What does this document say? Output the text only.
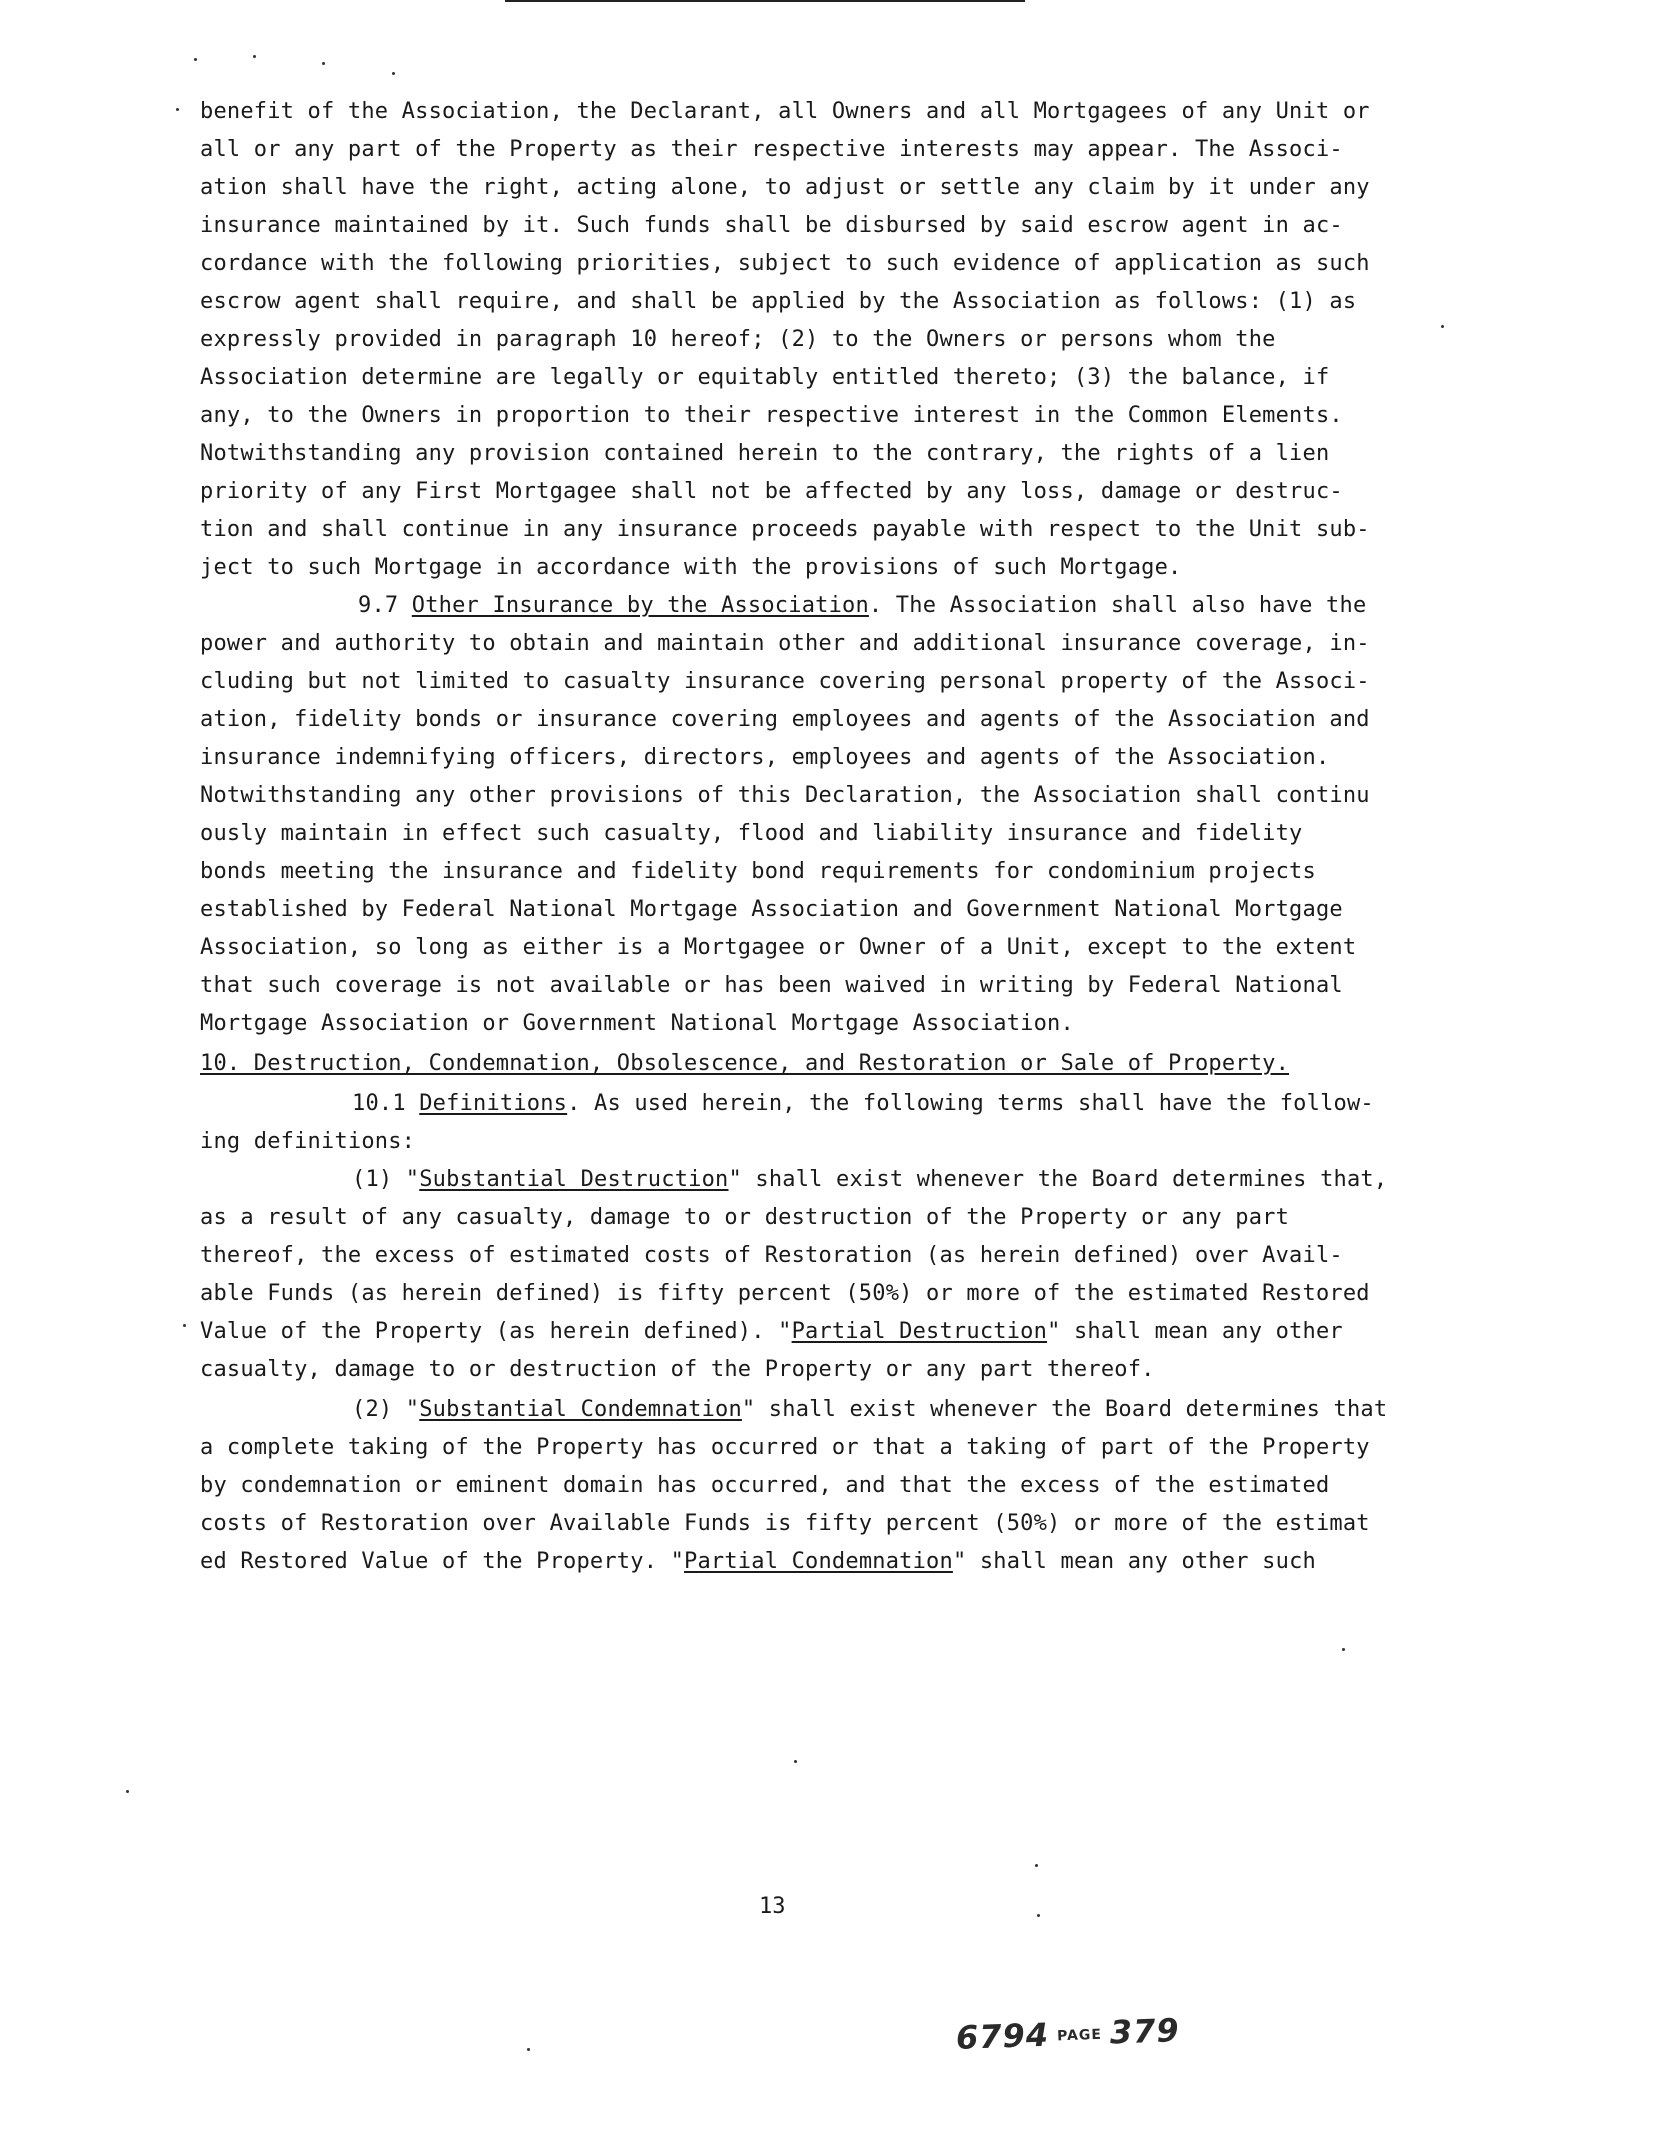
benefit of the Association, the Declarant, all Owners and all Mortgagees of any Unit or
all or any part of the Property as their respective interests may appear. The Associ-
ation shall have the right, acting alone, to adjust or settle any claim by it under any
insurance maintained by it. Such funds shall be disbursed by said escrow agent in ac-
cordance with the following priorities, subject to such evidence of application as such
escrow agent shall require, and shall be applied by the Association as follows: (1) as
expressly provided in paragraph 10 hereof; (2) to the Owners or persons whom the
Association determine are legally or equitably entitled thereto; (3) the balance, if
any, to the Owners in proportion to their respective interest in the Common Elements.
Notwithstanding any provision contained herein to the contrary, the rights of a lien
priority of any First Mortgagee shall not be affected by any loss, damage or destruc-
tion and shall continue in any insurance proceeds payable with respect to the Unit sub-
ject to such Mortgage in accordance with the provisions of such Mortgage.
9.7 Other Insurance by the Association. The Association shall also have the
power and authority to obtain and maintain other and additional insurance coverage, in-
cluding but not limited to casualty insurance covering personal property of the Associ-
ation, fidelity bonds or insurance covering employees and agents of the Association and
insurance indemnifying officers, directors, employees and agents of the Association.
Notwithstanding any other provisions of this Declaration, the Association shall continu
ously maintain in effect such casualty, flood and liability insurance and fidelity
bonds meeting the insurance and fidelity bond requirements for condominium projects
established by Federal National Mortgage Association and Government National Mortgage
Association, so long as either is a Mortgagee or Owner of a Unit, except to the extent
that such coverage is not available or has been waived in writing by Federal National
Mortgage Association or Government National Mortgage Association.
10. Destruction, Condemnation, Obsolescence, and Restoration or Sale of Property.
10.1 Definitions. As used herein, the following terms shall have the follow-
ing definitions:
(1) "Substantial Destruction" shall exist whenever the Board determines that,
as a result of any casualty, damage to or destruction of the Property or any part
thereof, the excess of estimated costs of Restoration (as herein defined) over Avail-
able Funds (as herein defined) is fifty percent (50%) or more of the estimated Restored
Value of the Property (as herein defined). "Partial Destruction" shall mean any other
casualty, damage to or destruction of the Property or any part thereof.
(2) "Substantial Condemnation" shall exist whenever the Board determines that
a complete taking of the Property has occurred or that a taking of part of the Property
by condemnation or eminent domain has occurred, and that the excess of the estimated
costs of Restoration over Available Funds is fifty percent (50%) or more of the estimat
ed Restored Value of the Property. "Partial Condemnation" shall mean any other such
13
6794 PAGE 379
